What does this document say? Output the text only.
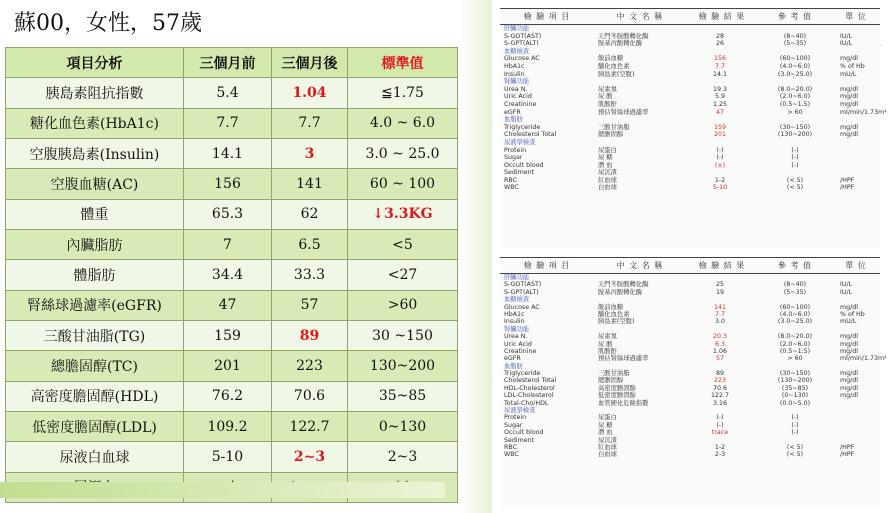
蘇00，女性，57歲
項目分析	三個月前	三個月後	標準值
胰島素阻抗指數	5.4	1.04	≦1.75
糖化血色素(HbA1c)	7.7	7.7	4.0 ~ 6.0
空腹胰島素(Insulin)	14.1	3	3.0 ~ 25.0
空腹血糖(AC)	156	141	60 ~ 100
體重	65.3	62	↓3.3KG
內臟脂肪	7	6.5	<5
體脂肪	34.4	33.3	<27
腎絲球過濾率(eGFR)	47	57	>60
三酸甘油脂(TG)	159	89	30 ~150
總膽固醇(TC)	201	223	130~200
高密度膽固醇(HDL)	76.2	70.6	35~85
低密度膽固醇(LDL)	109.2	122.7	0~130
尿液白血球	5-10	2~3	2~3

檢 驗 項 目	中 文 名 稱	檢 驗 結 果	參 考 值	單 位
肝臟功能
S-GOT(AST)	天門冬胺酸轉化酶	28	(8~40)	IU/L
S-GPT(ALT)	胺基丙酸轉化酶	26	(5~35)	IU/L
血糖檢查
Glucose AC	飯前血糖	156	(60~100)	mg/dl
HbA1c	醣化血色素	7.7	(4.0~6.0)	% of Hb
Insulin	胰島素(空腹)	14.1	(3.0~25.0)	mU/L
腎臟功能
Urea N.	尿素氮	19.3	(8.0~20.0)	mg/dl
Uric Acid	尿 酸	5.9	(2.0~6.0)	mg/dl
Creatinine	肌酸酐	1.25	(0.5~1.5)	mg/dl
eGFR	預估腎絲球過濾率	47	> 60	ml/min/1.73m²
血脂肪
Triglyceride	三酸甘油脂	159	(30~150)	mg/dl
Cholesterol Total	總膽固醇	201	(130~200)	mg/dl
尿液學檢查
Protein	尿蛋白	(-)	(-)
Sugar	尿 糖	(-)	(-)
Occult blood	潛 血	(±)	(-)
Sediment	尿沉渣
RBC	紅血球	1-2	(< 5)	/HPF
WBC	白血球	5-10	(< 5)	/HPF
檢 驗 項 目	中 文 名 稱	檢 驗 結 果	參 考 值	單 位
肝臟功能
S-GOT(AST)	天門冬胺酸轉化酶	25	(8~40)	IU/L
S-GPT(ALT)	胺基丙酸轉化酶	19	(5~35)	IU/L
血糖檢查
Glucose AC	飯前血糖	141	(60~100)	mg/dl
HbA1c	醣化血色素	7.7	(4.0~6.0)	% of Hb
Insulin	胰島素(空腹)	3.0	(3.0~25.0)	mU/L
腎臟功能
Urea N.	尿素氮	20.3	(8.0~20.0)	mg/dl
Uric Acid	尿 酸	6.3	(2.0~6.0)	mg/dl
Creatinine	肌酸酐	1.06	(0.5~1.5)	mg/dl
eGFR	預估腎絲球過濾率	57	> 60	ml/min/1.73m²
血脂肪
Triglyceride	三酸甘油脂	89	(30~150)	mg/dl
Cholesterol Total	總膽固醇	223	(130~200)	mg/dl
HDL-Cholesterol	高密度膽固醇	70.6	(35~85)	mg/dl
LDL-Cholesterol	低密度膽固醇	122.7	(0~130)	mg/dl
Total-Cho/HDL	血管硬化危險指數	3.16	(0.0~5.0)
尿液學檢查
Protein	尿蛋白	(-)	(-)
Sugar	尿 糖	(-)	(-)
Occult blood	潛 血	trace	(-)
Sediment	尿沉渣
RBC	紅血球	1-2	(< 5)	/HPF
WBC	白血球	2-3	(< 5)	/HPF
